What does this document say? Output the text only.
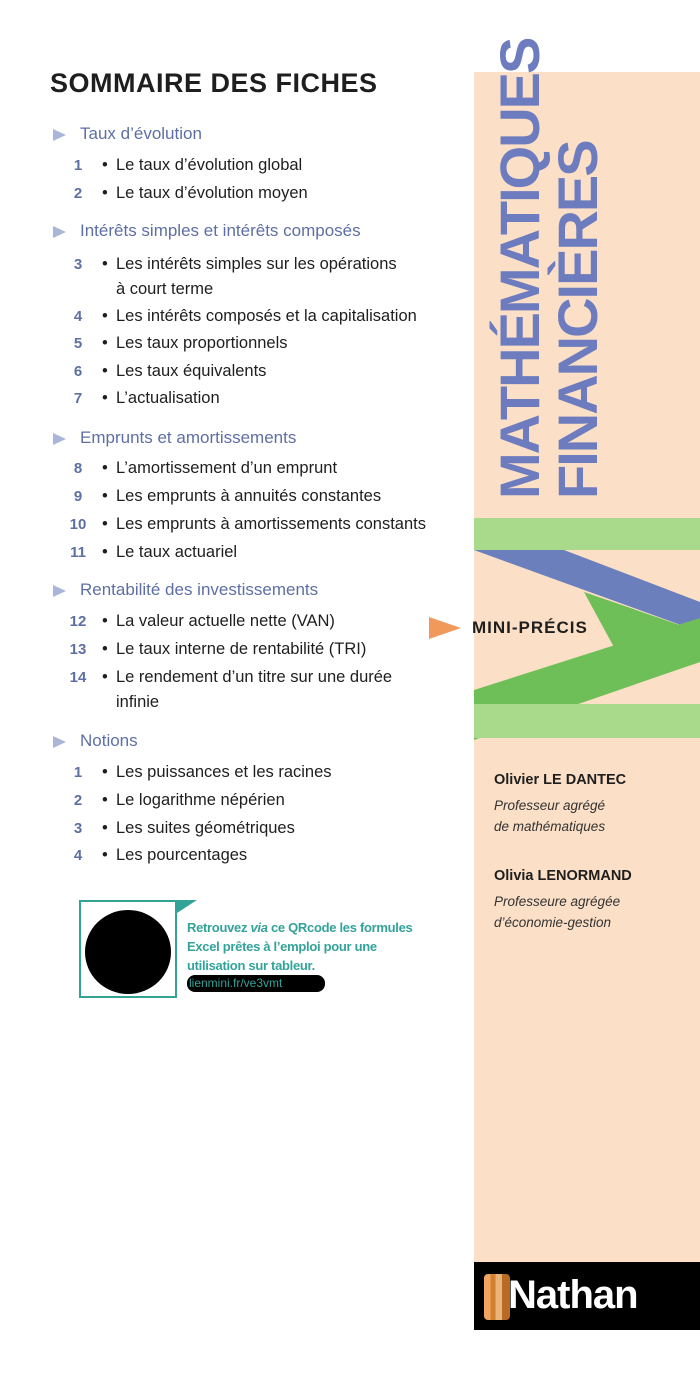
SOMMAIRE DES FICHES
Taux d’évolution
1	• Le taux d’évolution global
2	• Le taux d’évolution moyen
Intérêts simples et intérêts composés
3	• Les intérêts simples sur les opérations
à court terme
4	• Les intérêts composés et la capitalisation
5	• Les taux proportionnels
6	• Les taux équivalents
7	• L’actualisation
Emprunts et amortissements
8	• L’amortissement d’un emprunt
9	• Les emprunts à annuités constantes
10 • Les emprunts à amortissements constants
11 • Le taux actuariel
Rentabilité des investissements
12 • La valeur actuelle nette (VAN)
13 • Le taux interne de rentabilité (TRI)
14 • Le rendement d’un titre sur une durée
infinie
Notions
1	• Les puissances et les racines
2	• Le logarithme népérien
3	• Les suites géométriques
4	• Les pourcentages
Retrouvez via ce QRcode les formules Excel prêtes à l’emploi pour une utilisation sur tableur.
lienmini.fr/ve3vmt
MATHÉMATIQUES
FINANCIÈRES
MINI-PRÉCIS

Olivier LE DANTEC

Professeur agrégé

de mathématiques

Olivia LENORMAND

Professeure agrégée

d’économie-gestion

Nathan
